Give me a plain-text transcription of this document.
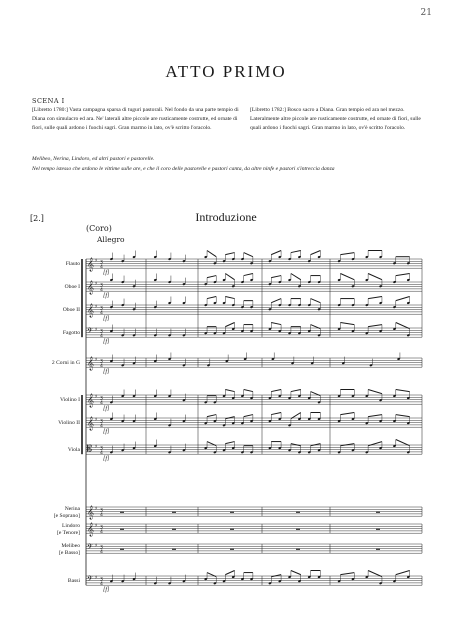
21
ATTO PRIMO
SCENA I
[Libretto 1780:] Vasta campagna sparsa di tuguri pastorali. Nel fondo da una parte tempio di Diana con simulacro ed ara. Ne' laterali altre piccole are rusticamente costrutte, ed ornate di fiori, sulle quali ardono i fuochi sagri. Gran marmo in lato, ov'è scritto l'oracolo.
[Libretto 1782:] Bosco sacro a Diana. Gran tempio ed ara nel mezzo. Lateralmente altre piccole are rusticamente costrutte, ed ornate di fiori, sulle quali ardono i fuochi sagri. Gran marmo in lato, ov'è scritto l'oracolo.
Melibeo, Nerina, Lindoro, ed altri pastori e pastorelle.
Nel tempo istesso che ardono le vittime sulle are, e che il coro delle pastorelle e pastori canta, da altre ninfe e pastori s'intreccia danza
[2.]	Introduzione
(Coro)
Allegro
Flauto
Oboe I
Oboe II
Fagotto
2 Corni in G
Violino I
Violino II
Viola
Nerina
[e Soprano]
Lindoro
[e Tenore]
Melibeo
[e Basso]
Bassi
[f]
[f]
[f]
[f]
[f]
[f]
[f]
[f]
[f]
𝄞 ♯ 3
4
𝄞 ♯ 3
4
𝄞 ♯ 3
4
𝄢 ♯ 3
4
𝄞 ♯ 3
4
𝄞 ♯ 3
4
𝄞 ♯ 3
4
𝄡 ♯ 3
4
𝄞 ♯ 3
4
𝄞 ♯ 3
4
𝄢 ♯ 3
4
𝄢 ♯ 3
4
